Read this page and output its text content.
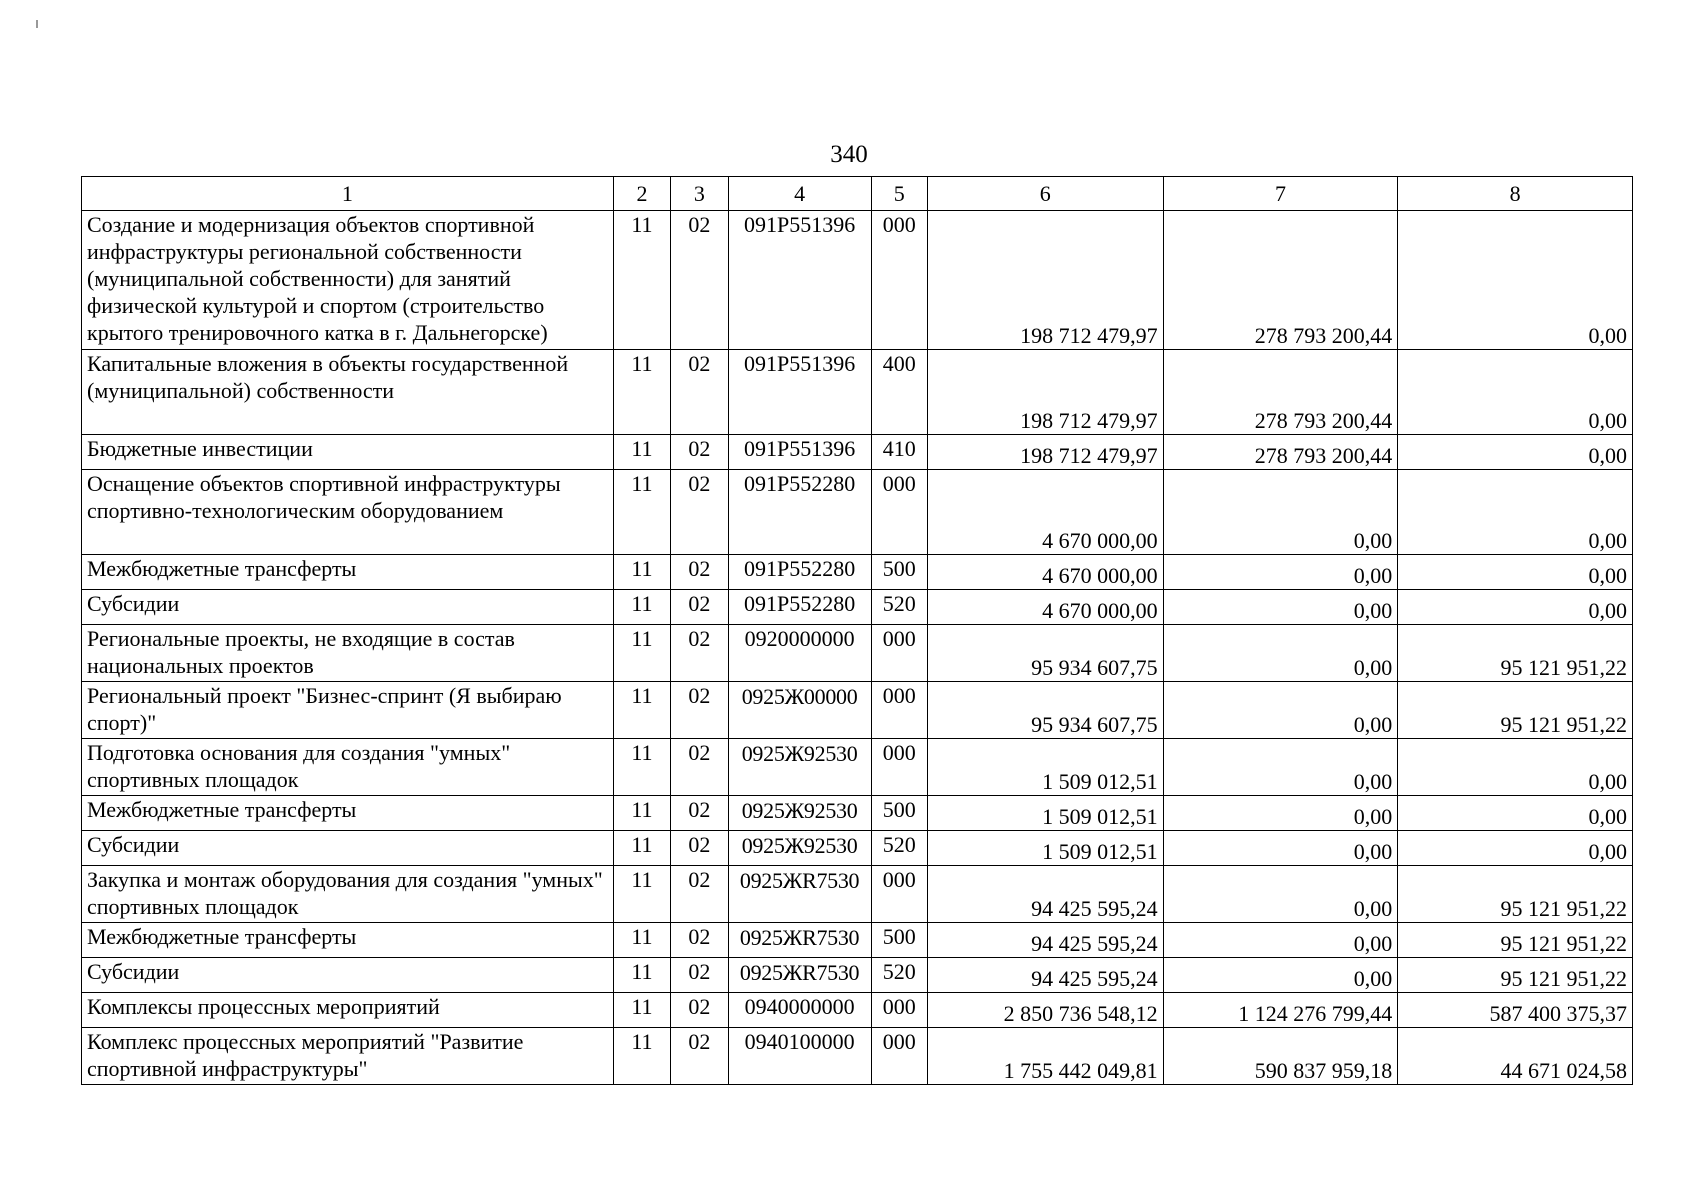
340
1	2	3	4	5	6	7	8
Создание и модернизация объектов спортивной инфраструктуры региональной собственности (муниципальной собственности) для занятий физической культурой и спортом (строительство крытого тренировочного катка в г. Дальнегорске)	11	02	091P551396	000	198 712 479,97	278 793 200,44	0,00
Капитальные вложения в объекты государственной (муниципальной) собственности	11	02	091P551396	400	198 712 479,97	278 793 200,44	0,00
Бюджетные инвестиции	11	02	091P551396	410	198 712 479,97	278 793 200,44	0,00
Оснащение объектов спортивной инфраструктуры спортивно-технологическим оборудованием	11	02	091P552280	000	4 670 000,00	0,00	0,00
Межбюджетные трансферты	11	02	091P552280	500	4 670 000,00	0,00	0,00
Субсидии	11	02	091P552280	520	4 670 000,00	0,00	0,00
Региональные проекты, не входящие в состав национальных проектов	11	02	0920000000	000	95 934 607,75	0,00	95 121 951,22
Региональный проект "Бизнес-спринт (Я выбираю спорт)"	11	02	0925Ж00000	000	95 934 607,75	0,00	95 121 951,22
Подготовка основания для создания "умных" спортивных площадок	11	02	0925Ж92530	000	1 509 012,51	0,00	0,00
Межбюджетные трансферты	11	02	0925Ж92530	500	1 509 012,51	0,00	0,00
Субсидии	11	02	0925Ж92530	520	1 509 012,51	0,00	0,00
Закупка и монтаж оборудования для создания "умных" спортивных площадок	11	02	0925ЖR7530	000	94 425 595,24	0,00	95 121 951,22
Межбюджетные трансферты	11	02	0925ЖR7530	500	94 425 595,24	0,00	95 121 951,22
Субсидии	11	02	0925ЖR7530	520	94 425 595,24	0,00	95 121 951,22
Комплексы процессных мероприятий	11	02	0940000000	000	2 850 736 548,12	1 124 276 799,44	587 400 375,37
Комплекс процессных мероприятий "Развитие спортивной инфраструктуры"	11	02	0940100000	000	1 755 442 049,81	590 837 959,18	44 671 024,58
